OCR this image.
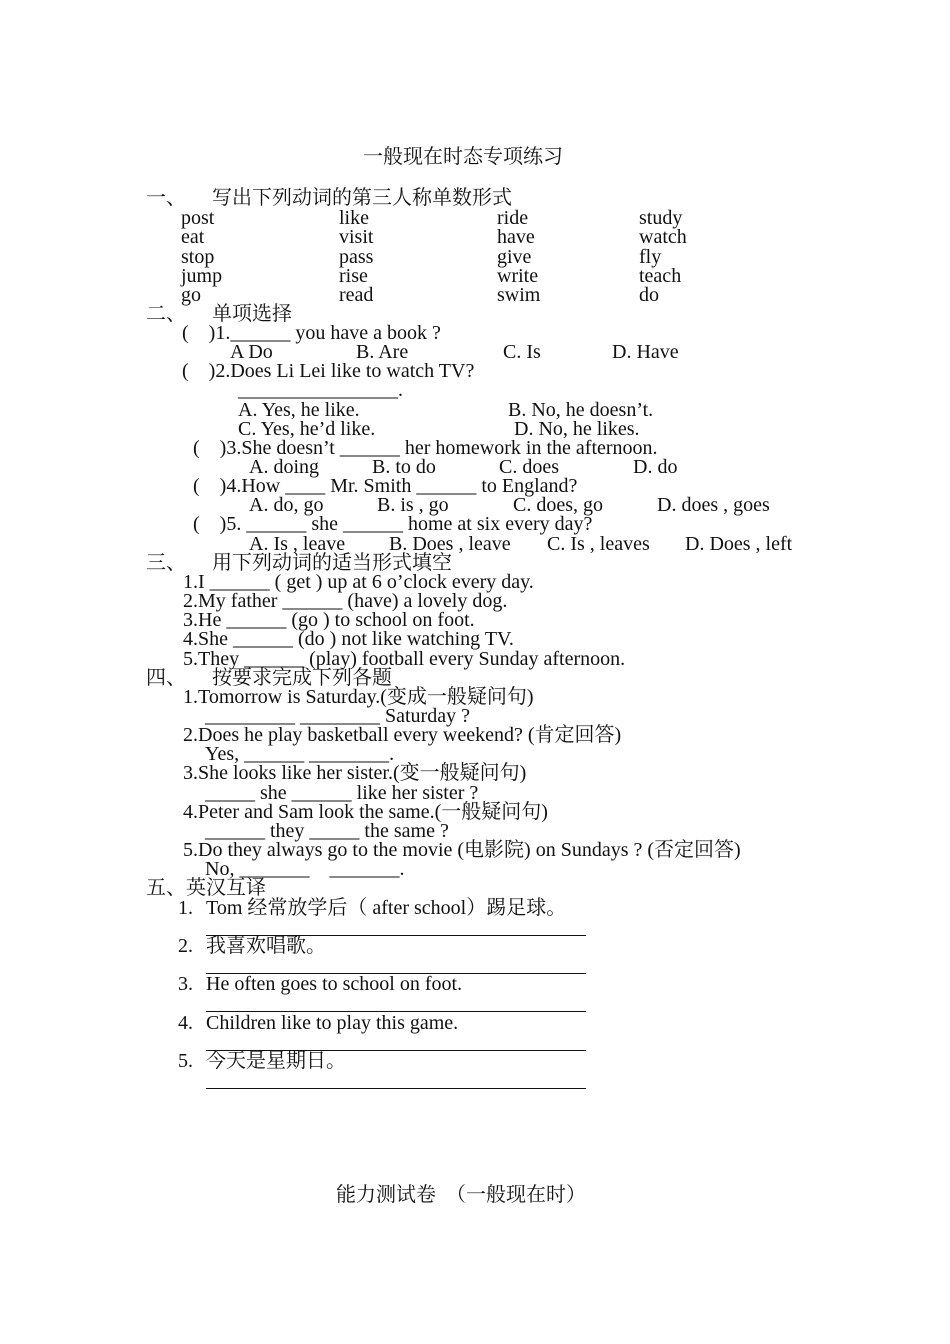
一般现在时态专项练习
一、 写出下列动词的第三人称单数形式
post	like	ride	study
eat	visit	have	watch
stop	pass	give	fly
jump	rise	write	teach
go	read	swim	do
二、 单项选择
(    )1.______ you have a book ?
A Do	B. Are	C. Is	D. Have
(    )2.Does Li Lei like to watch TV?
________________.
A. Yes, he like.	B. No, he doesn’t.
C. Yes, he’d like.	D. No, he likes.
(    )3.She doesn’t ______ her homework in the afternoon.
A. doing	B. to do	C. does	D. do
(    )4.How ____ Mr. Smith ______ to England?
A. do, go	B. is , go	C. does, go	D. does , goes
(    )5. ______ she ______ home at six every day?
A. Is , leave B. Does , leave C. Is , leaves D. Does , left
三、 用下列动词的适当形式填空
1.I ______ ( get ) up at 6 o’clock every day.
2.My father ______ (have) a lovely dog.
3.He ______ (go ) to school on foot.
4.She ______ (do ) not like watching TV.
5.They ______ (play) football every Sunday afternoon.
四、 按要求完成下列各题
1.Tomorrow is Saturday.(变成一般疑问句)
_________ ________ Saturday ?
2.Does he play basketball every weekend? (肯定回答)
Yes, ______ ________.
3.She looks like her sister.(变一般疑问句)
_____ she ______ like her sister ?
4.Peter and Sam look the same.(一般疑问句)
______ they _____ the same ?
5.Do they always go to the movie (电影院) on Sundays ? (否定回答)
No, _______    _______.
五、英汉互译
1. Tom 经常放学后（ after school）踢足球。
2. 我喜欢唱歌。
3. He often goes to school on foot.
4. Children like to play this game.
5. 今天是星期日。
能力测试卷  （一般现在时）
